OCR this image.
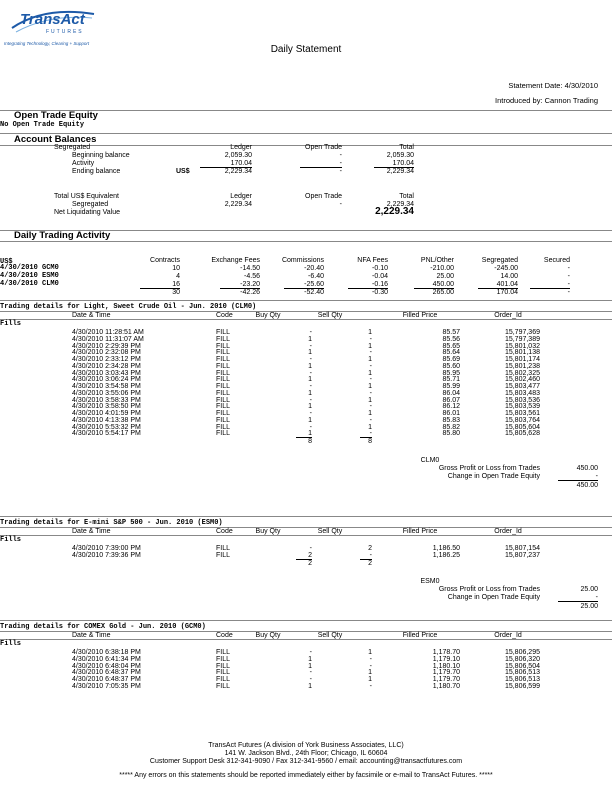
TransAct
FUTURES
Integrating Technology, Clearing + Support
Daily Statement
Statement Date: 4/30/2010
Introduced by: Cannon Trading
Open Trade Equity
No Open Trade Equity
Account Balances
Ledger	Open Trade	Total
Segregated
Beginning balance	2,059.30	-	2,059.30
Activity	170.04	-	170.04
Ending balance	US$	2,229.34	-	2,229.34
Ledger	Open Trade	Total
Total US$ Equivalent
Segregated	2,229.34	-	2,229.34
Net Liquidating Value	2,229.34
Daily Trading Activity
US$	Contracts	Exchange Fees	Commissions	NFA Fees	PNL/Other	Segregated	Secured
4/30/2010 GCM0	10	-14.50	-20.40	-0.10	-210.00	-245.00	-
4/30/2010 ESM0	4	-4.56	-6.40	-0.04	25.00	14.00	-
4/30/2010 CLM0	16	-23.20	-25.60	-0.16	450.00	401.04	-
30	-42.26	-52.40	-0.30	265.00	170.04	-
Trading details for Light, Sweet Crude Oil - Jun. 2010 (CLM0)
Date & Time	Code	Buy Qty	Sell Qty	Filled Price	Order_Id
Fills
4/30/2010 11:28:51 AM	FILL	-	1	85.57	15,797,369
4/30/2010 11:31:07 AM	FILL	1	-	85.56	15,797,389
4/30/2010 2:29:39 PM	FILL	-	1	85.65	15,801,032
4/30/2010 2:32:08 PM	FILL	1	-	85.64	15,801,138
4/30/2010 2:33:12 PM	FILL	-	1	85.69	15,801,174
4/30/2010 2:34:28 PM	FILL	1	-	85.60	15,801,238
4/30/2010 3:03:43 PM	FILL	-	1	85.95	15,802,325
4/30/2010 3:06:24 PM	FILL	1	-	85.71	15,802,460
4/30/2010 3:54:58 PM	FILL	-	1	85.99	15,803,477
4/30/2010 3:55:06 PM	FILL	1	-	86.04	15,803,483
4/30/2010 3:58:33 PM	FILL	-	1	86.07	15,803,536
4/30/2010 3:58:50 PM	FILL	1	-	86.12	15,803,539
4/30/2010 4:01:59 PM	FILL	-	1	86.01	15,803,561
4/30/2010 4:13:38 PM	FILL	1	-	85.83	15,803,764
4/30/2010 5:53:32 PM	FILL	-	1	85.82	15,805,604
4/30/2010 5:54:17 PM	FILL	1	-	85.80	15,805,628
8	8
CLM0
Gross Profit or Loss from Trades	450.00
Change in Open Trade Equity	-
450.00
Trading details for E-mini S&P 500 - Jun. 2010 (ESM0)
Date & Time	Code	Buy Qty	Sell Qty	Filled Price	Order_Id
Fills
4/30/2010 7:39:00 PM	FILL	-	2	1,186.50	15,807,154
4/30/2010 7:39:36 PM	FILL	2	-	1,186.25	15,807,237
2	2
ESM0
Gross Profit or Loss from Trades	25.00
Change in Open Trade Equity	-
25.00
Trading details for COMEX Gold - Jun. 2010 (GCM0)
Date & Time	Code	Buy Qty	Sell Qty	Filled Price	Order_Id
Fills
4/30/2010 6:38:18 PM	FILL	-	1	1,178.70	15,806,295
4/30/2010 6:41:34 PM	FILL	1	-	1,179.10	15,806,320
4/30/2010 6:48:04 PM	FILL	1	-	1,180.10	15,806,504
4/30/2010 6:48:37 PM	FILL	-	1	1,179.70	15,806,513
4/30/2010 6:48:37 PM	FILL	-	1	1,179.70	15,806,513
4/30/2010 7:05:35 PM	FILL	1	-	1,180.70	15,806,599
TransAct Futures (A division of York Business Associates, LLC)
141 W. Jackson Blvd., 24th Floor; Chicago, IL 60604
Customer Support Desk 312-341-9090 / Fax 312-341-9560 / email: accounting@transactfutures.com
***** Any errors on this statements should be reported immediately either by facsimile or e-mail to TransAct Futures. *****
